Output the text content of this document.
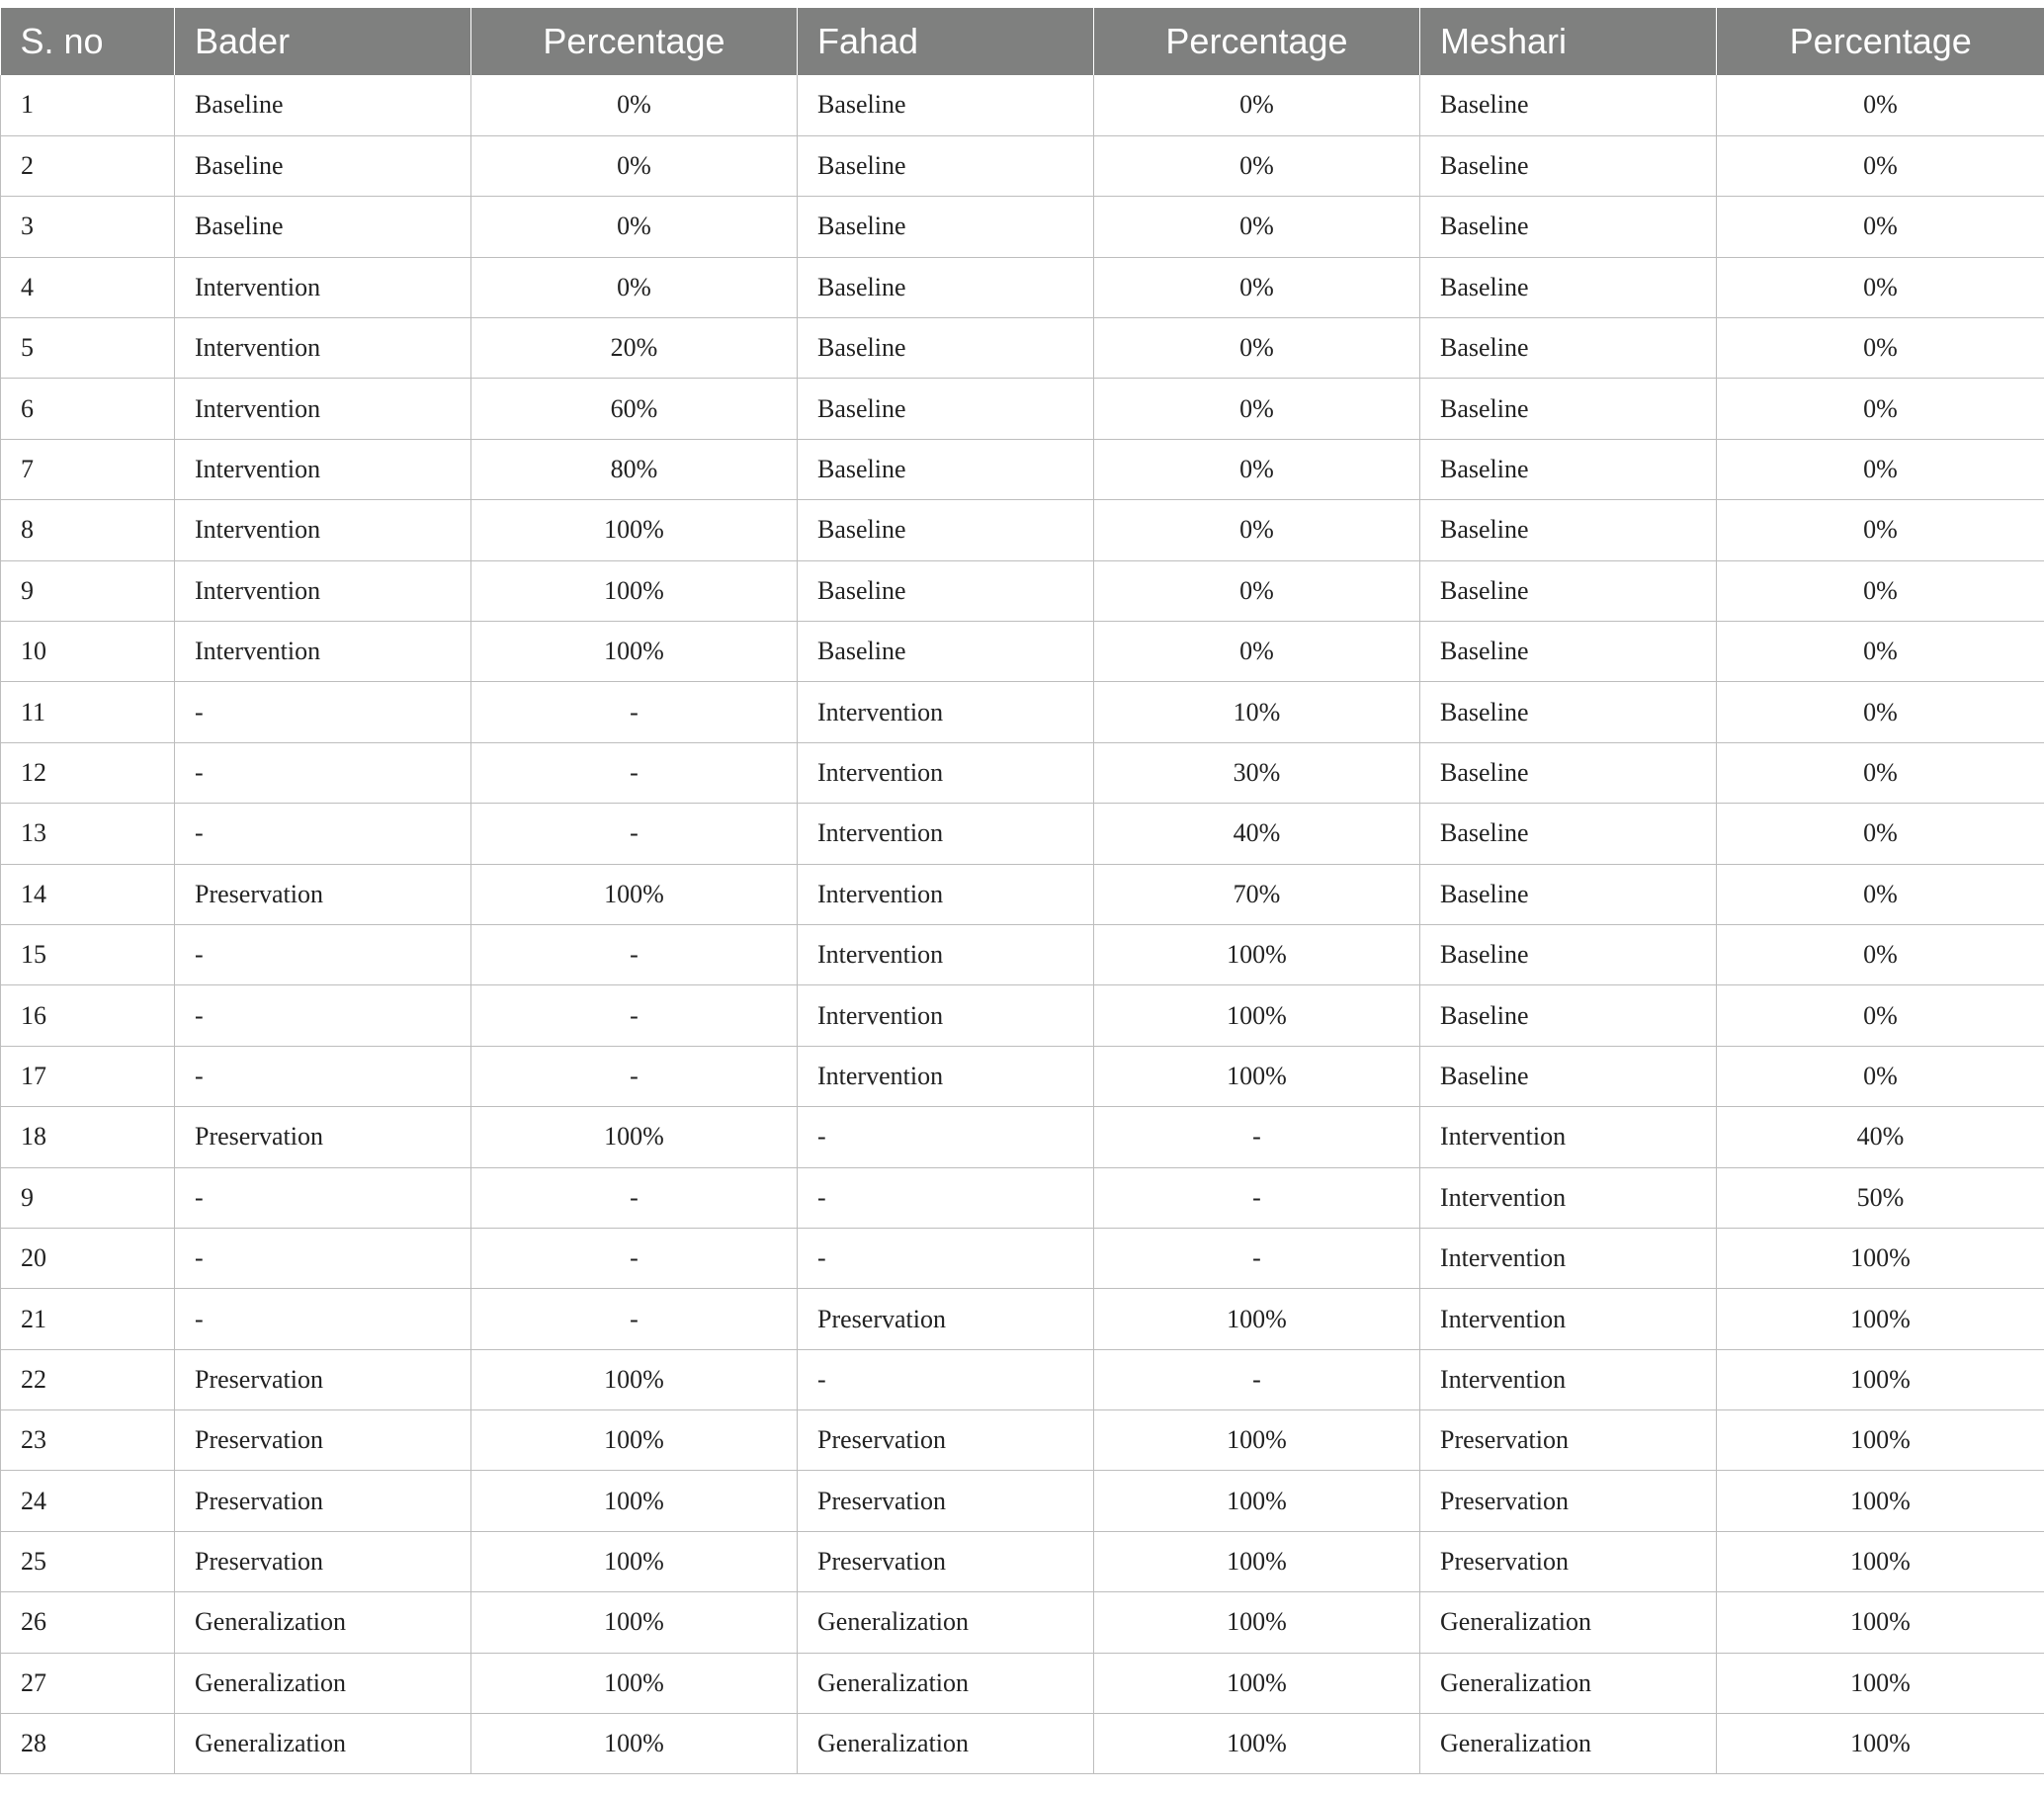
S. no	Bader	Percentage	Fahad	Percentage	Meshari	Percentage
1	Baseline	0%	Baseline	0%	Baseline	0%
2	Baseline	0%	Baseline	0%	Baseline	0%
3	Baseline	0%	Baseline	0%	Baseline	0%
4	Intervention	0%	Baseline	0%	Baseline	0%
5	Intervention	20%	Baseline	0%	Baseline	0%
6	Intervention	60%	Baseline	0%	Baseline	0%
7	Intervention	80%	Baseline	0%	Baseline	0%
8	Intervention	100%	Baseline	0%	Baseline	0%
9	Intervention	100%	Baseline	0%	Baseline	0%
10	Intervention	100%	Baseline	0%	Baseline	0%
11	-	-	Intervention	10%	Baseline	0%
12	-	-	Intervention	30%	Baseline	0%
13	-	-	Intervention	40%	Baseline	0%
14	Preservation	100%	Intervention	70%	Baseline	0%
15	-	-	Intervention	100%	Baseline	0%
16	-	-	Intervention	100%	Baseline	0%
17	-	-	Intervention	100%	Baseline	0%
18	Preservation	100%	-	-	Intervention	40%
9	-	-	-	-	Intervention	50%
20	-	-	-	-	Intervention	100%
21	-	-	Preservation	100%	Intervention	100%
22	Preservation	100%	-	-	Intervention	100%
23	Preservation	100%	Preservation	100%	Preservation	100%
24	Preservation	100%	Preservation	100%	Preservation	100%
25	Preservation	100%	Preservation	100%	Preservation	100%
26	Generalization	100%	Generalization	100%	Generalization	100%
27	Generalization	100%	Generalization	100%	Generalization	100%
28	Generalization	100%	Generalization	100%	Generalization	100%
